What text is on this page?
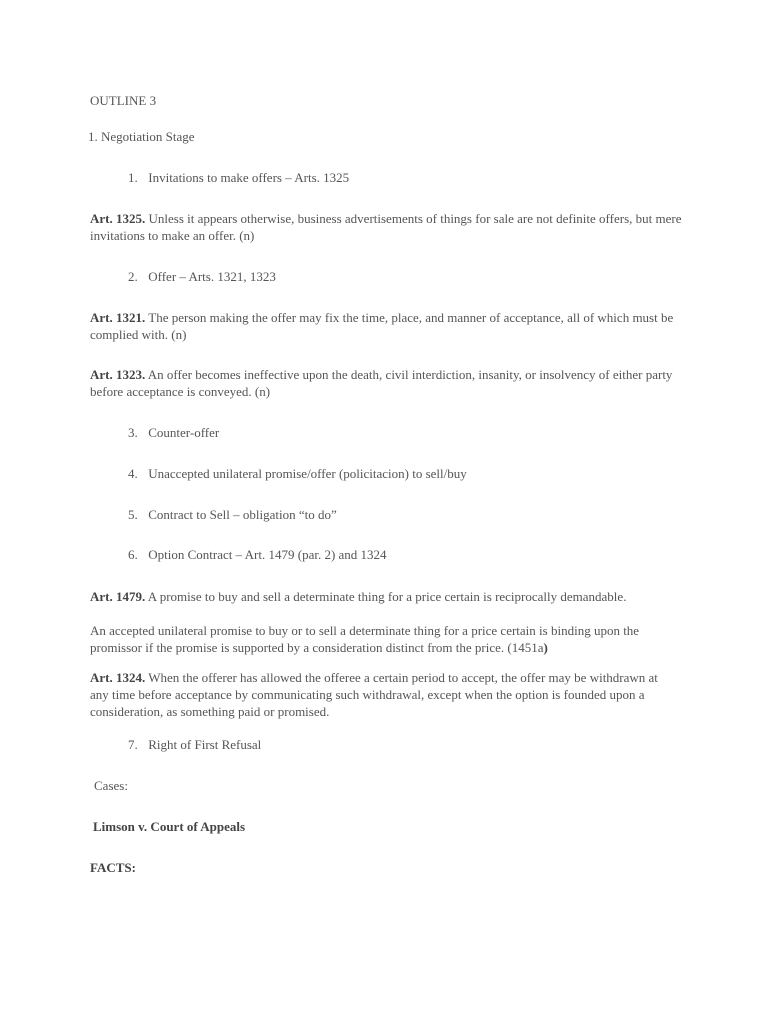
OUTLINE 3
1. Negotiation Stage
1. Invitations to make offers – Arts. 1325
Art. 1325. Unless it appears otherwise, business advertisements of things for sale are not definite offers, but mere invitations to make an offer. (n)
2. Offer – Arts. 1321, 1323
Art. 1321. The person making the offer may fix the time, place, and manner of acceptance, all of which must be complied with. (n)
Art. 1323. An offer becomes ineffective upon the death, civil interdiction, insanity, or insolvency of either party before acceptance is conveyed. (n)
3. Counter-offer
4. Unaccepted unilateral promise/offer (policitacion) to sell/buy
5. Contract to Sell – obligation “to do”
6. Option Contract – Art. 1479 (par. 2) and 1324
Art. 1479. A promise to buy and sell a determinate thing for a price certain is reciprocally demandable.
An accepted unilateral promise to buy or to sell a determinate thing for a price certain is binding upon the promissor if the promise is supported by a consideration distinct from the price. (1451a)
Art. 1324. When the offerer has allowed the offeree a certain period to accept, the offer may be withdrawn at any time before acceptance by communicating such withdrawal, except when the option is founded upon a consideration, as something paid or promised.
7. Right of First Refusal
Cases:
Limson v. Court of Appeals
FACTS:
